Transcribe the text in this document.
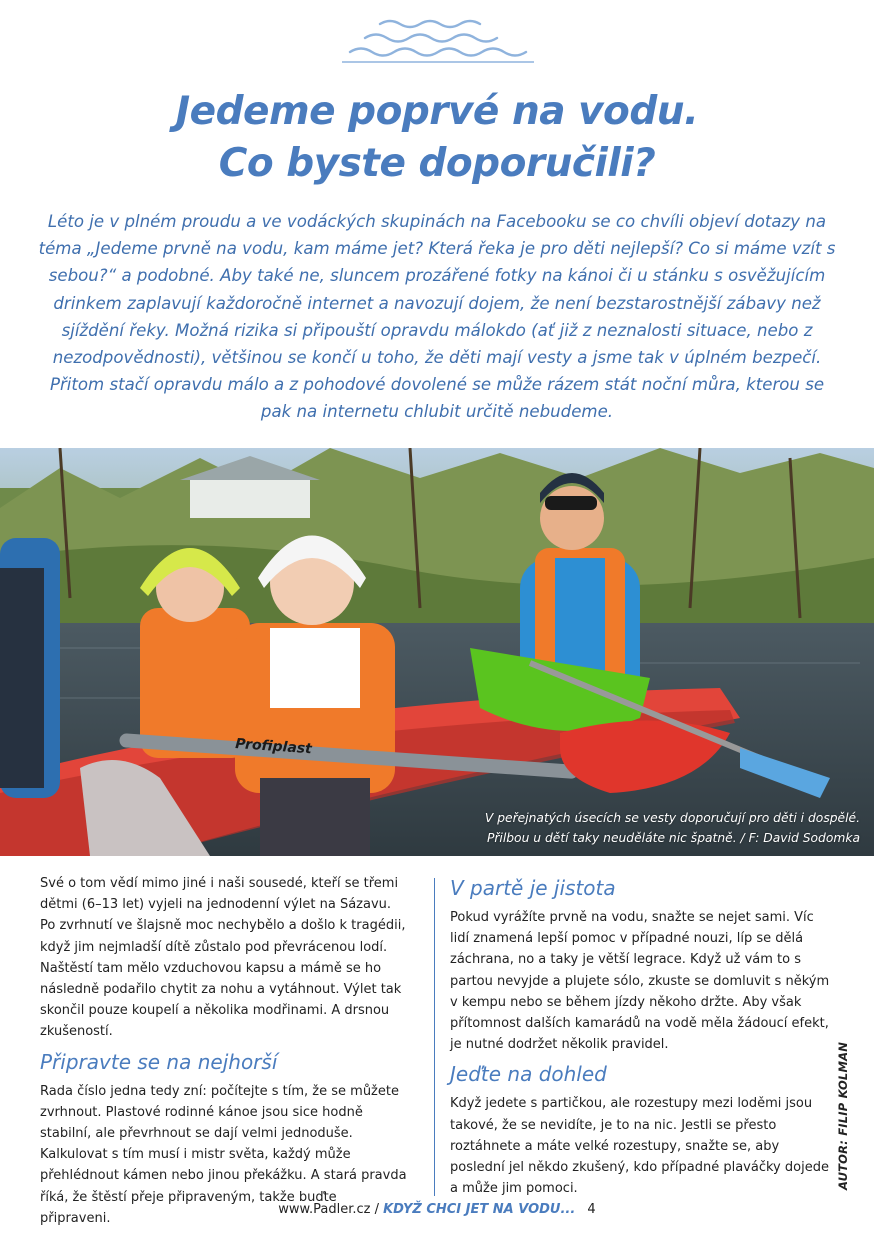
Jedeme poprvé na vodu.
Co byste doporučili?

Léto je v plném proudu a ve vodáckých skupinách na Facebooku se co chvíli objeví dotazy na téma „Jedeme prvně na vodu, kam máme jet? Která řeka je pro děti nejlepší? Co si máme vzít s sebou?“ a podobné. Aby také ne, sluncem prozářené fotky na kánoi či u stánku s osvěžujícím drinkem zaplavují každoročně internet a navozují dojem, že není bezstarostnější zábavy než sjíždění řeky. Možná rizika si připouští opravdu málokdo (ať již z neznalosti situace, nebo z nezodpovědnosti), většinou se končí u toho, že děti mají vesty a jsme tak v úplném bezpečí. Přitom stačí opravdu málo a z pohodové dovolené se může rázem stát noční můra, kterou se pak na internetu chlubit určitě nebudeme.

Profiplast
V peřejnatých úsecích se vesty doporučují pro děti i dospělé.
Přilbou u dětí taky neuděláte nic špatně. / F: David Sodomka

Své o tom vědí mimo jiné i naši sousedé, kteří se třemi dětmi (6–13 let) vyjeli na jednodenní výlet na Sázavu. Po zvrhnutí ve šlajsně moc nechybělo a došlo k tragédii, když jim nejmladší dítě zůstalo pod převrácenou lodí. Naštěstí tam mělo vzduchovou kapsu a mámě se ho následně podařilo chytit za nohu a vytáhnout. Výlet tak skončil pouze koupelí a několika modřinami. A drsnou zkušeností.

Připravte se na nejhorší

Rada číslo jedna tedy zní: počítejte s tím, že se můžete zvrhnout. Plastové rodinné kánoe jsou sice hodně stabilní, ale převrhnout se dají velmi jednoduše. Kalkulovat s tím musí i mistr světa, každý může přehlédnout kámen nebo jinou překážku. A stará pravda říká, že štěstí přeje připraveným, takže buďte připraveni.

V partě je jistota

Pokud vyrážíte prvně na vodu, snažte se nejet sami. Víc lidí znamená lepší pomoc v případné nouzi, líp se dělá záchrana, no a taky je větší legrace. Když už vám to s partou nevyjde a plujete sólo, zkuste se domluvit s někým v kempu nebo se během jízdy někoho držte. Aby však přítomnost dalších kamarádů na vodě měla žádoucí efekt, je nutné dodržet několik pravidel.

Jeďte na dohled

Když jedete s partičkou, ale rozestupy mezi loděmi jsou takové, že se nevidíte, je to na nic. Jestli se přesto roztáhnete a máte velké rozestupy, snažte se, aby poslední jel někdo zkušený, kdo případné plaváčky dojede a může jim pomoci.	AUTOR: FILIP KOLMAN
www.Padler.cz / KDYŽ CHCI JET NA VODU... 4
